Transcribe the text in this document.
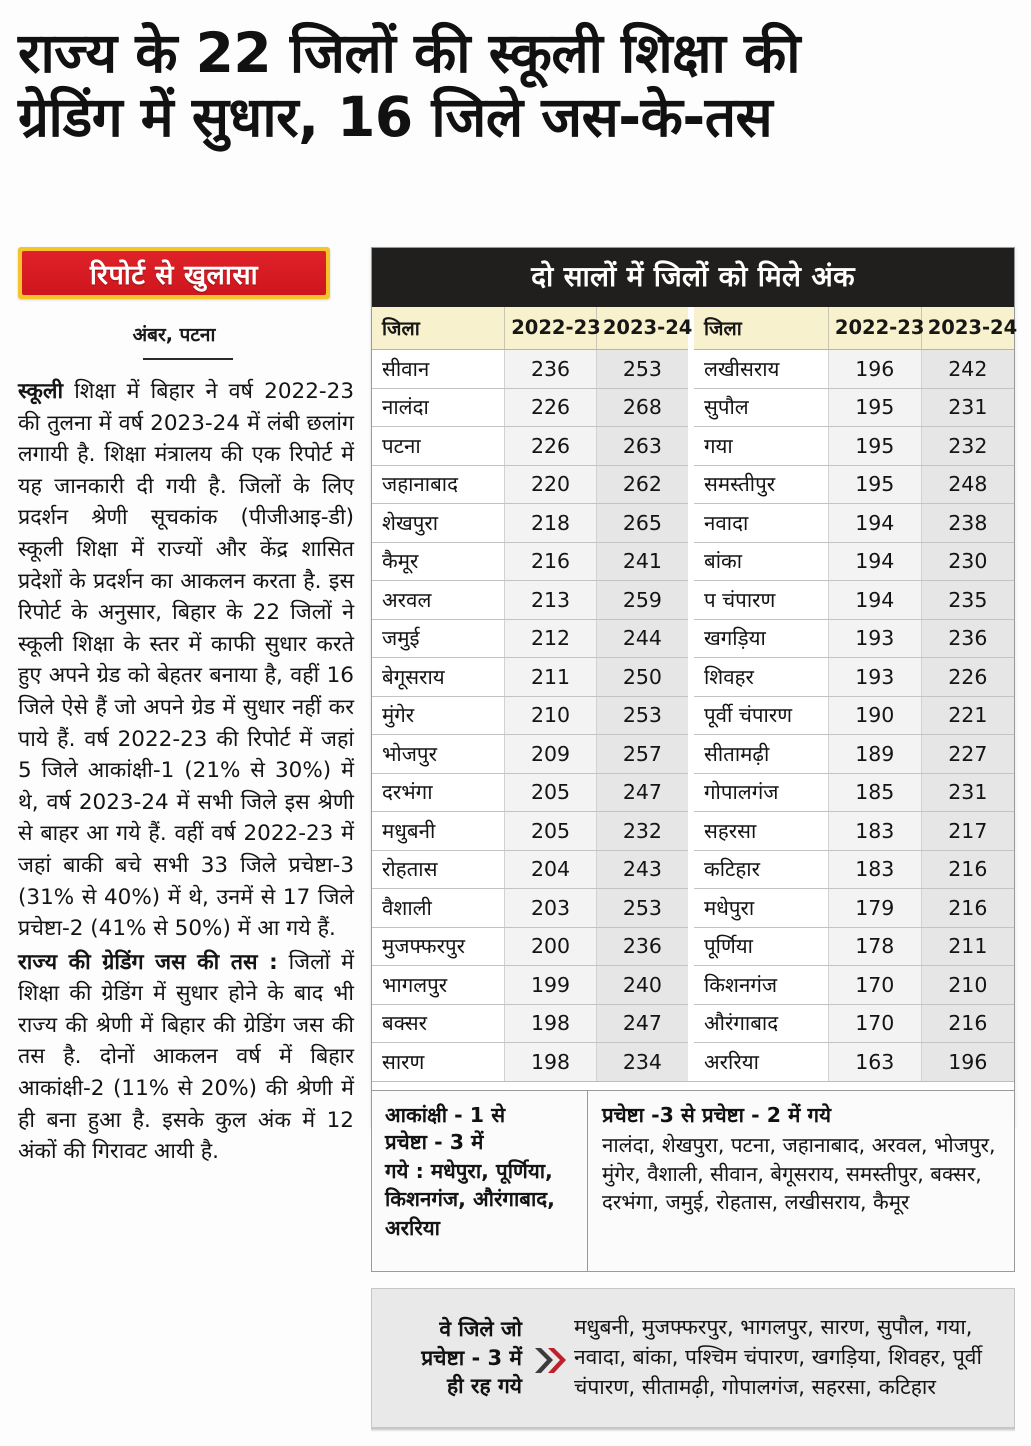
राज्य के 22 जिलों की स्कूली शिक्षा की
ग्रेडिंग में सुधार, 16 जिले जस-के-तस
रिपोर्ट से खुलासा
अंबर, पटना

स्कूली शिक्षा में बिहार ने वर्ष 2022-23 की तुलना में वर्ष 2023-24 में लंबी छलांग लगायी है. शिक्षा मंत्रालय की एक रिपोर्ट में यह जानकारी दी गयी है. जिलों के लिए प्रदर्शन श्रेणी सूचकांक (पीजीआइ-डी) स्कूली शिक्षा में राज्यों और केंद्र शासित प्रदेशों के प्रदर्शन का आकलन करता है. इस रिपोर्ट के अनुसार, बिहार के 22 जिलों ने स्कूली शिक्षा के स्तर में काफी सुधार करते हुए अपने ग्रेड को बेहतर बनाया है, वहीं 16 जिले ऐसे हैं जो अपने ग्रेड में सुधार नहीं कर पाये हैं. वर्ष 2022-23 की रिपोर्ट में जहां 5 जिले आकांक्षी-1 (21% से 30%) में थे, वर्ष 2023-24 में सभी जिले इस श्रेणी से बाहर आ गये हैं. वहीं वर्ष 2022-23 में जहां बाकी बचे सभी 33 जिले प्रचेष्टा-3 (31% से 40%) में थे, उनमें से 17 जिले प्रचेष्टा-2 (41% से 50%) में आ गये हैं.

राज्य की ग्रेडिंग जस की तस : जिलों में शिक्षा की ग्रेडिंग में सुधार होने के बाद भी राज्य की श्रेणी में बिहार की ग्रेडिंग जस की तस है. दोनों आकलन वर्ष में बिहार आकांक्षी-2 (11% से 20%) की श्रेणी में ही बना हुआ है. इसके कुल अंक में 12 अंकों की गिरावट आयी है.

दो सालों में जिलों को मिले अंक
जिला	2022-23	2023-24
सीवान	236	253
नालंदा	226	268
पटना	226	263
जहानाबाद	220	262
शेखपुरा	218	265
कैमूर	216	241
अरवल	213	259
जमुई	212	244
बेगूसराय	211	250
मुंगेर	210	253
भोजपुर	209	257
दरभंगा	205	247
मधुबनी	205	232
रोहतास	204	243
वैशाली	203	253
मुजफ्फरपुर	200	236
भागलपुर	199	240
बक्सर	198	247
सारण	198	234
जिला	2022-23	2023-24
लखीसराय	196	242
सुपौल	195	231
गया	195	232
समस्तीपुर	195	248
नवादा	194	238
बांका	194	230
प चंपारण	194	235
खगड़िया	193	236
शिवहर	193	226
पूर्वी चंपारण	190	221
सीतामढ़ी	189	227
गोपालगंज	185	231
सहरसा	183	217
कटिहार	183	216
मधेपुरा	179	216
पूर्णिया	178	211
किशनगंज	170	210
औरंगाबाद	170	216
अररिया	163	196
आकांक्षी - 1 से
प्रचेष्टा - 3 में
गये : मधेपुरा, पूर्णिया, किशनगंज, औरंगाबाद, अररिया
प्रचेष्टा -3 से प्रचेष्टा - 2 में गये
नालंदा, शेखपुरा, पटना, जहानाबाद, अरवल, भोजपुर, मुंगेर, वैशाली, सीवान, बेगूसराय, समस्तीपुर, बक्सर, दरभंगा, जमुई, रोहतास, लखीसराय, कैमूर
वे जिले जो
प्रचेष्टा - 3 में
ही रह गये
मधुबनी, मुजफ्फरपुर, भागलपुर, सारण, सुपौल, गया, नवादा, बांका, पश्चिम चंपारण, खगड़िया, शिवहर, पूर्वी चंपारण, सीतामढ़ी, गोपालगंज, सहरसा, कटिहार
